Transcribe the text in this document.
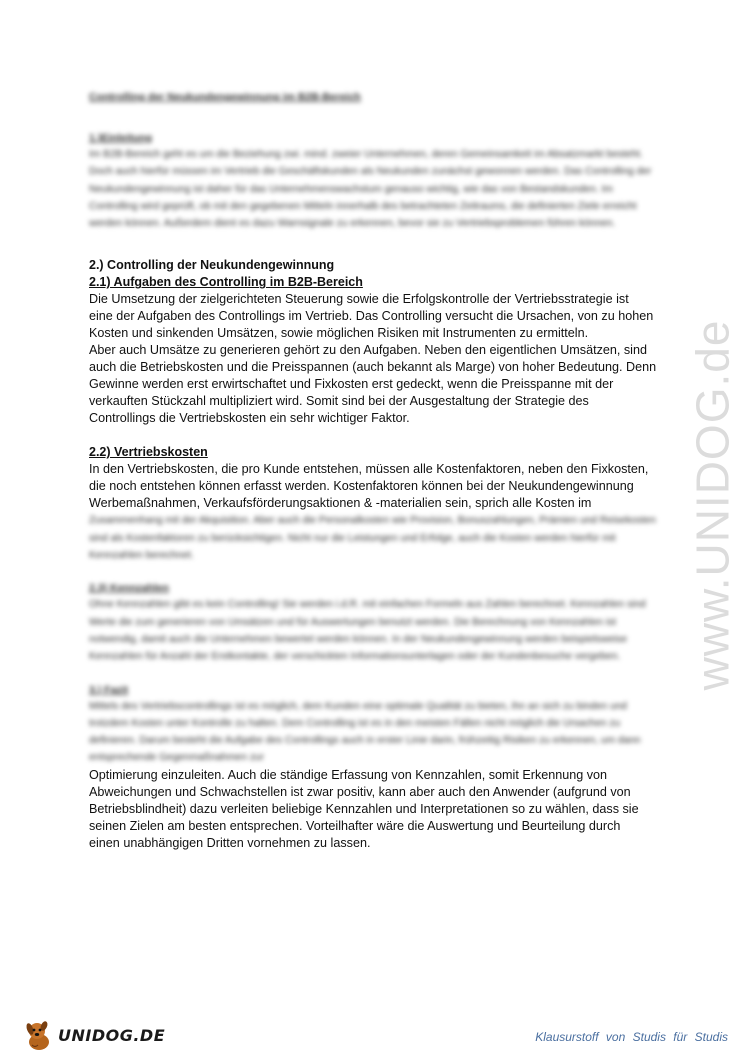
Controlling der Neukundengewinnung im B2B-Bereich
1.)Einleitung

Im B2B-Bereich geht es um die Beziehung zwi. mind. zweier Unternehmen, deren Gemeinsamkeit im Absatzmarkt besteht. Doch auch hierfür müssen im Vertrieb die Geschäftskunden als Neukunden zunächst gewonnen werden. Das Controlling der Neukundengewinnung ist daher für das Unternehmenswachstum genauso wichtig, wie das von Bestandskunden. Im Controlling wird geprüft, ob mit den gegebenen Mitteln innerhalb des betrachteten Zeitraums, die definierten Ziele erreicht werden können. Außerdem dient es dazu Warnsignale zu erkennen, bevor sie zu Vertriebsproblemen führen können.

2.) Controlling der Neukundengewinnung
2.1) Aufgaben des Controlling im B2B-Bereich

Die Umsetzung der zielgerichteten Steuerung sowie die Erfolgskontrolle der Vertriebsstrategie ist

eine der Aufgaben des Controllings im Vertrieb. Das Controlling versucht die Ursachen, von zu hohen

Kosten und sinkenden Umsätzen, sowie möglichen Risiken mit Instrumenten zu ermitteln.

Aber auch Umsätze zu generieren gehört zu den Aufgaben. Neben den eigentlichen Umsätzen, sind

auch die Betriebskosten und die Preisspannen (auch bekannt als Marge) von hoher Bedeutung. Denn

Gewinne werden erst erwirtschaftet und Fixkosten erst gedeckt, wenn die Preisspanne mit der

verkauften Stückzahl multipliziert wird. Somit sind bei der Ausgestaltung der Strategie des

Controllings die Vertriebskosten ein sehr wichtiger Faktor.

2.2) Vertriebskosten

In den Vertriebskosten, die pro Kunde entstehen, müssen alle Kostenfaktoren, neben den Fixkosten,

die noch entstehen können erfasst werden. Kostenfaktoren können bei der Neukundengewinnung

Werbemaßnahmen, Verkaufsförderungsaktionen & -materialien sein, sprich alle Kosten im

Zusammenhang mit der Akquisition. Aber auch die Personalkosten wie Provision, Bonuszahlungen, Prämien und Reisekosten sind als Kostenfaktoren zu berücksichtigen. Nicht nur die Leistungen und Erfolge, auch die Kosten werden hierfür mit Kennzahlen berechnet.

2.3) Kennzahlen

Ohne Kennzahlen gibt es kein Controlling! Sie werden i.d.R. mit einfachen Formeln aus Zahlen berechnet. Kennzahlen sind Werte die zum generieren von Umsätzen und für Auswertungen benutzt werden. Die Berechnung von Kennzahlen ist notwendig, damit auch die Unternehmen bewertet werden können. In der Neukundengewinnung werden beispielsweise Kennzahlen für Anzahl der Erstkontakte, der verschickten Informationsunterlagen oder der Kundenbesuche vergeben.

3.) Fazit

Mittels des Vertriebscontrollings ist es möglich, dem Kunden eine optimale Qualität zu bieten, ihn an sich zu binden und trotzdem Kosten unter Kontrolle zu halten. Dem Controlling ist es in den meisten Fällen nicht möglich die Ursachen zu definieren. Darum besteht die Aufgabe des Controllings auch in erster Linie darin, frühzeitig Risiken zu erkennen, um dann entsprechende Gegenmaßnahmen zur

Optimierung einzuleiten. Auch die ständige Erfassung von Kennzahlen, somit Erkennung von

Abweichungen und Schwachstellen ist zwar positiv, kann aber auch den Anwender (aufgrund von

Betriebsblindheit) dazu verleiten beliebige Kennzahlen und Interpretationen so zu wählen, dass sie

seinen Zielen am besten entsprechen. Vorteilhafter wäre die Auswertung und Beurteilung durch

einen unabhängigen Dritten vornehmen zu lassen.

www.UNIDOG.de
UNIDOG.DE	Klausurstoff von Studis für Studis
